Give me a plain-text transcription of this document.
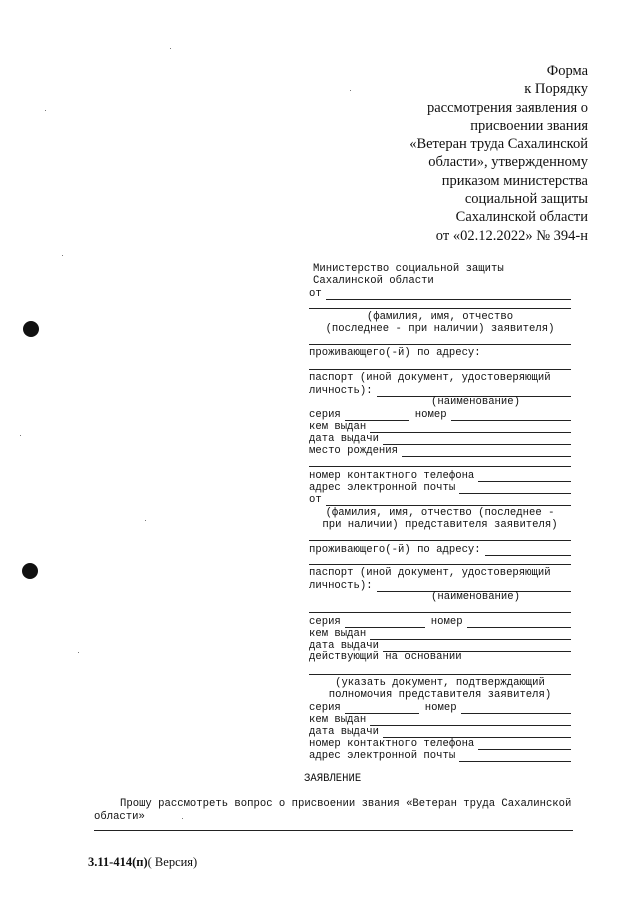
Форма
к Порядку
рассмотрения заявления о
присвоении звания
«Ветеран труда Сахалинской
области», утвержденному
приказом министерства
социальной защиты
Сахалинской области
от «02.12.2022» № 394-н
Министерство социальной защиты
Сахалинской области
от
(фамилия, имя, отчество
(последнее - при наличии) заявителя)
проживающего(-й) по адресу:
паспорт (иной документ, удостоверяющий
личность):
(наименование)
серия	номер
кем выдан
дата выдачи
место рождения
номер контактного телефона
адрес электронной почты
от
(фамилия, имя, отчество (последнее -
при наличии) представителя заявителя)
проживающего(-й) по адресу:
паспорт (иной документ, удостоверяющий
личность):
(наименование)
серия	номер
кем выдан
дата выдачи
действующий на основании
(указать документ, подтверждающий
полномочия представителя заявителя)
серия	номер
кем выдан
дата выдачи
номер контактного телефона
адрес электронной почты
ЗАЯВЛЕНИЕ
Прошу рассмотреть вопрос о присвоении звания «Ветеран труда Сахалинской
области»
3.11-414(п)( Версия)
